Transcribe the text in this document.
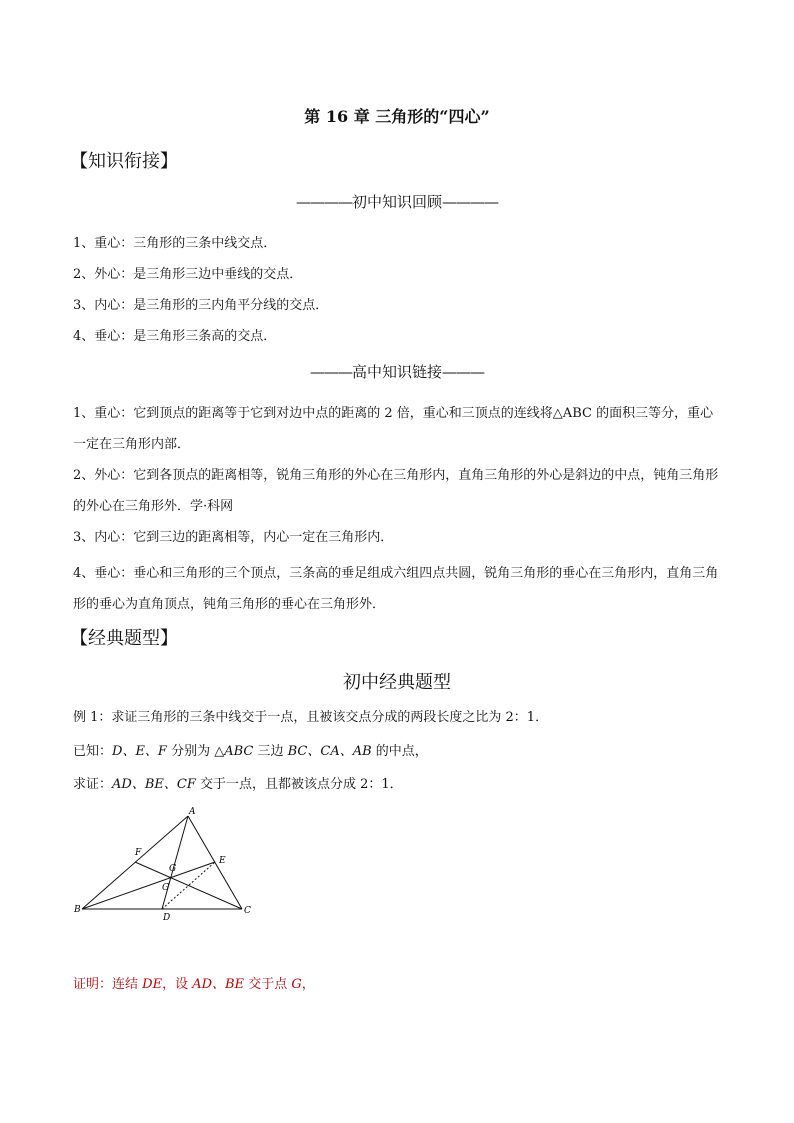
第 16 章 三角形的“四心”
【知识衔接】
————初中知识回顾————
1、重心：三角形的三条中线交点．
2、外心：是三角形三边中垂线的交点．
3、内心：是三角形的三内角平分线的交点．
4、垂心：是三角形三条高的交点．
———高中知识链接———
1、重心：它到顶点的距离等于它到对边中点的距离的 2 倍，重心和三顶点的连线将△ABC 的面积三等分，重心一定在三角形内部．
2、外心：它到各顶点的距离相等，锐角三角形的外心在三角形内，直角三角形的外心是斜边的中点，钝角三角形的外心在三角形外．学·科网
3、内心：它到三边的距离相等，内心一定在三角形内．
4、垂心：垂心和三角形的三个顶点，三条高的垂足组成六组四点共圆，锐角三角形的垂心在三角形内，直角三角形的垂心为直角顶点，钝角三角形的垂心在三角形外．
【经典题型】
初中经典题型
例 1：求证三角形的三条中线交于一点，且被该交点分成的两段长度之比为 2：1．
已知：D、E、F 分别为 △ABC 三边 BC、CA、AB 的中点，
求证：AD、BE、CF 交于一点，且都被该点分成 2：1．
A
B	C
D
E
F
G
G
证明：连结 DE，设 AD、BE 交于点 G，
